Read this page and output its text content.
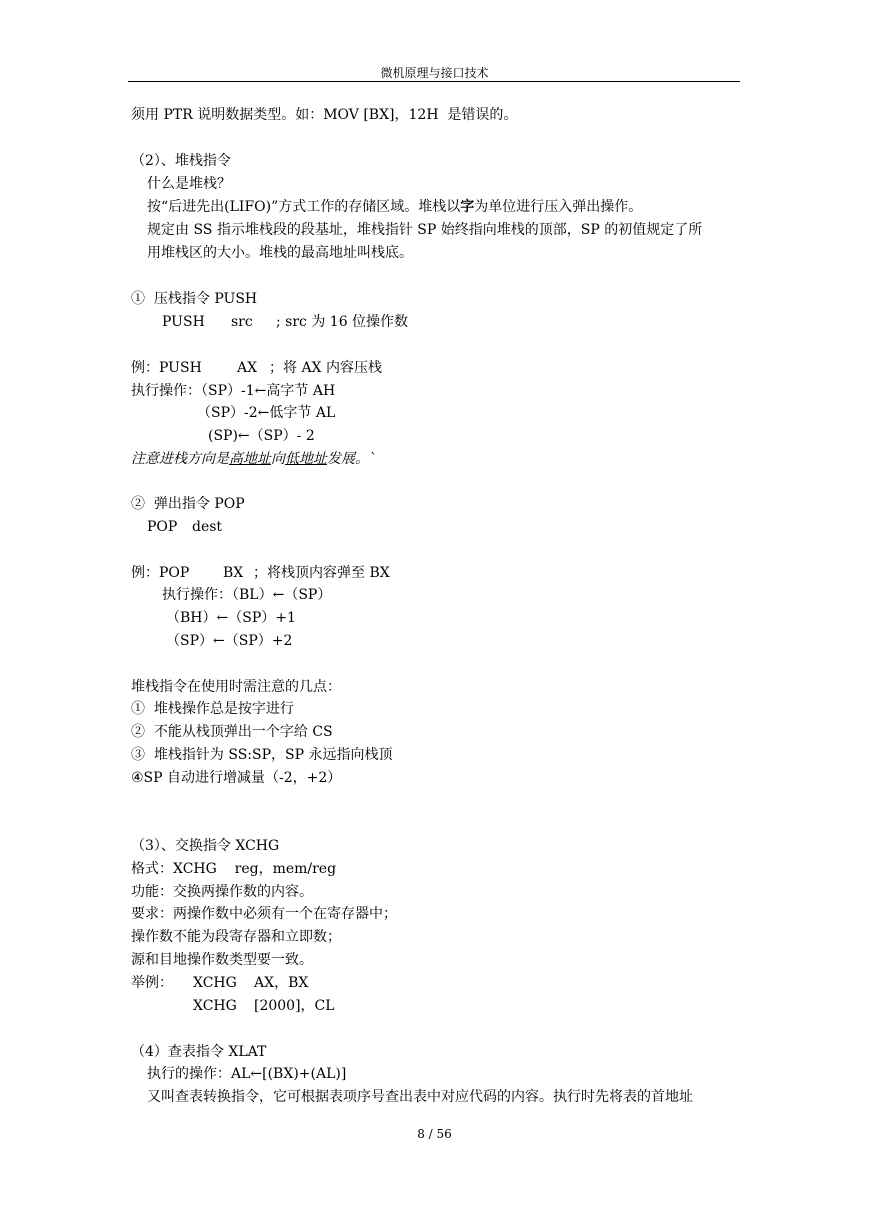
微机原理与接口技术
须用 PTR 说明数据类型。如：MOV [BX]，12H  是错误的。
（2）、堆栈指令
什么是堆栈？
按“后进先出(LIFO)”方式工作的存储区域。堆栈以字为单位进行压入弹出操作。
规定由 SS 指示堆栈段的段基址，堆栈指针 SP 始终指向堆栈的顶部，SP 的初值规定了所
用堆栈区的大小。堆栈的最高地址叫栈底。
①  压栈指令 PUSH
PUSH src ; src 为 16 位操作数
例：PUSH	AX ；将 AX 内容压栈
执行操作：（SP）-1←高字节 AH
（SP）-2←低字节 AL
(SP)←（SP）- 2
注意进栈方向是高地址向低地址发展。`
②  弹出指令 POP
POP dest
例：POP BX ；将栈顶内容弹至 BX
执行操作：（BL）←（SP）
（BH）←（SP）+1
（SP）←（SP）+2
堆栈指令在使用时需注意的几点：
①  堆栈操作总是按字进行
②  不能从栈顶弹出一个字给 CS
③  堆栈指针为 SS:SP，SP 永远指向栈顶
④SP 自动进行增减量（-2，+2）
（3）、交换指令 XCHG
格式：XCHG    reg，mem/reg
功能：交换两操作数的内容。
要求：两操作数中必须有一个在寄存器中；
操作数不能为段寄存器和立即数；
源和目地操作数类型要一致。
举例： XCHG AX，BX
XCHG [2000]，CL
（4）查表指令 XLAT
执行的操作：AL←[(BX)+(AL)]
又叫查表转换指令，它可根据表项序号查出表中对应代码的内容。执行时先将表的首地址
8 / 56
